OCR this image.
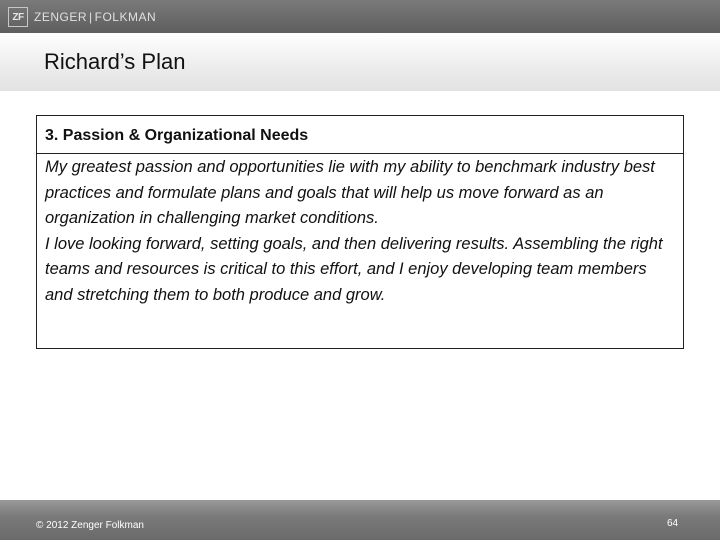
ZF ZENGER | FOLKMAN
Richard’s Plan
3. Passion & Organizational Needs

My greatest passion and opportunities lie with my ability to benchmark industry best practices and formulate plans and goals that will help us move forward as an organization in challenging market conditions.

I love looking forward, setting goals, and then delivering results. Assembling the right teams and resources is critical to this effort, and I enjoy developing team members and stretching them to both produce and grow.

© 2012 Zenger Folkman	64
